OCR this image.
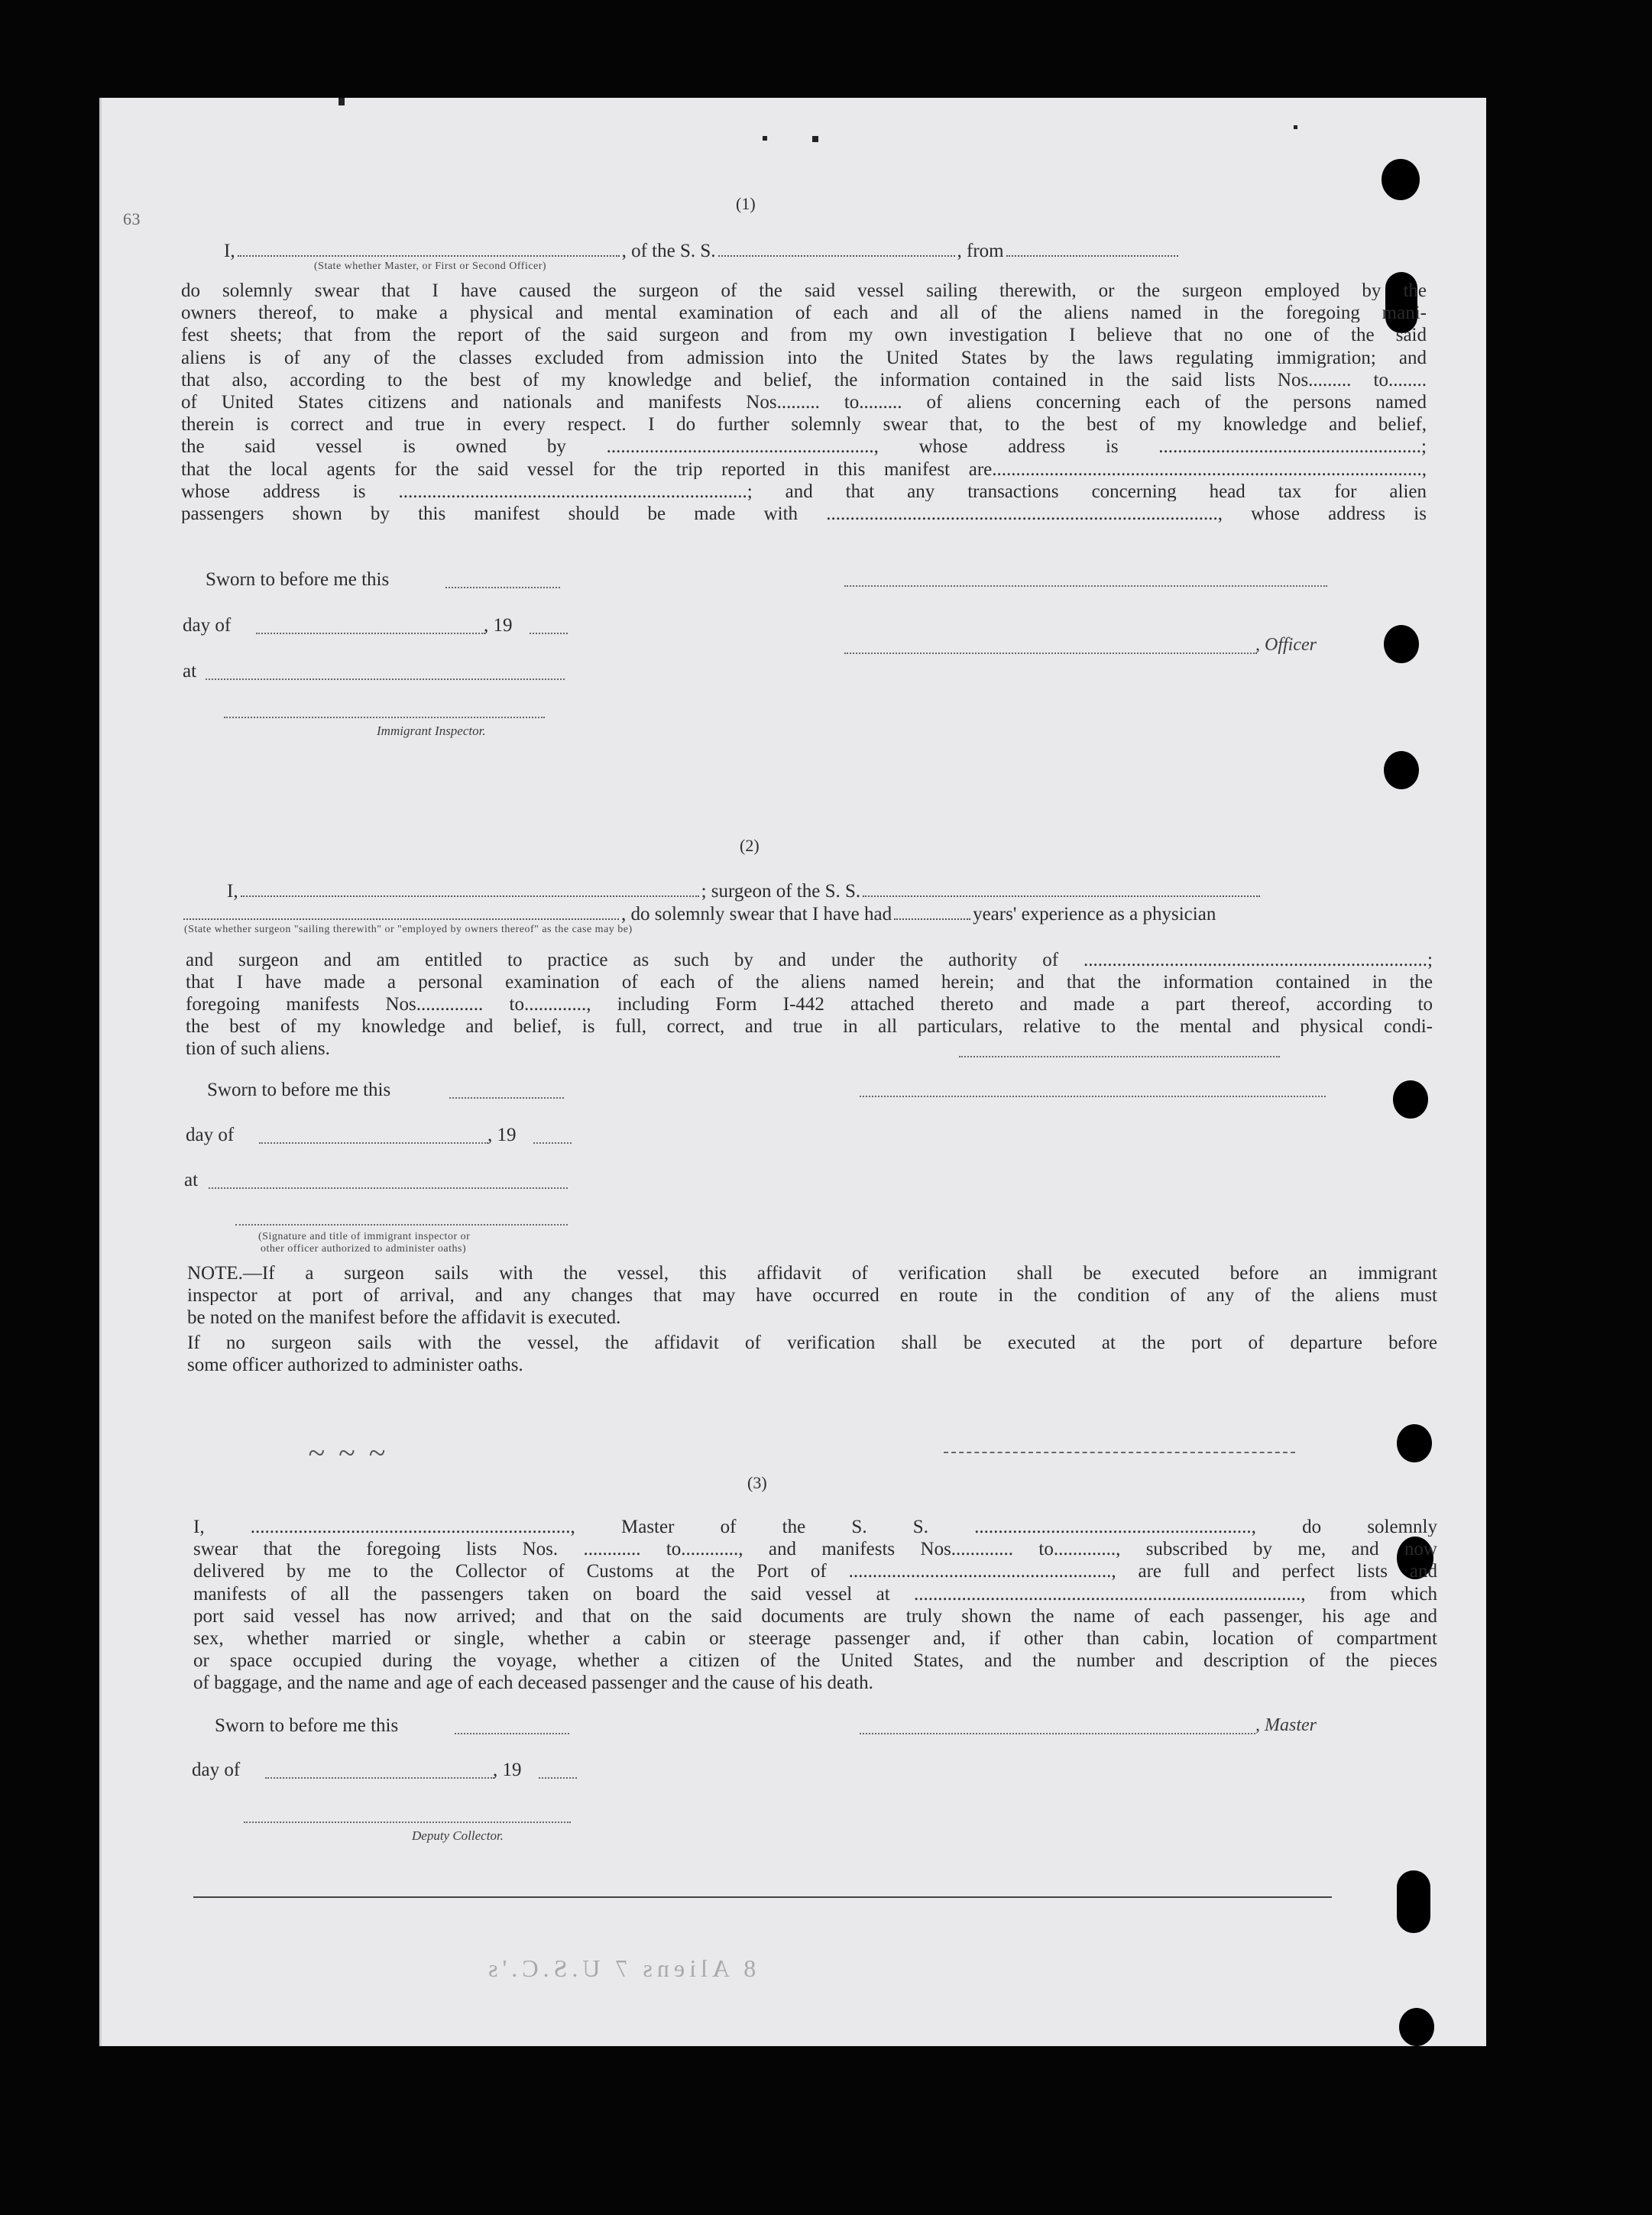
63
(1)
I,	, of the S. S.	, from
(State whether Master, or First or Second Officer)
do solemnly swear that I have caused the surgeon of the said vessel sailing therewith, or the surgeon employed by the
owners thereof, to make a physical and mental examination of each and all of the aliens named in the foregoing mani-
fest sheets; that from the report of the said surgeon and from my own investigation I believe that no one of the said
aliens is of any of the classes excluded from admission into the United States by the laws regulating immigration; and
that also, according to the best of my knowledge and belief, the information contained in the said lists Nos......... to........
of United States citizens and nationals and manifests Nos......... to......... of aliens concerning each of the persons named
therein is correct and true in every respect. I do further solemnly swear that, to the best of my knowledge and belief,
the said vessel is owned by ........................................................, whose address is .......................................................;
that the local agents for the said vessel for the trip reported in this manifest are..........................................................................................,
whose address is .........................................................................; and that any transactions concerning head tax for alien
passengers shown by this manifest should be made with .................................................................................., whose address is
Sworn to before me this
day of	, 19
at
Immigrant Inspector.
, Officer
(2)
I,	; surgeon of the S. S.
, do solemnly swear that I have had	years' experience as a physician
(State whether surgeon "sailing therewith" or "employed by owners thereof" as the case may be)
and surgeon and am entitled to practice as such by and under the authority of ........................................................................;
that I have made a personal examination of each of the aliens named herein; and that the information contained in the
foregoing manifests Nos.............. to............., including Form I-442 attached thereto and made a part thereof, according to
the best of my knowledge and belief, is full, correct, and true in all particulars, relative to the mental and physical condi-
tion of such aliens.
Sworn to before me this
day of	, 19
at
(Signature and title of immigrant inspector or
other officer authorized to administer oaths)
NOTE.—If a surgeon sails with the vessel, this affidavit of verification shall be executed before an immigrant
inspector at port of arrival, and any changes that may have occurred en route in the condition of any of the aliens must
If no surgeon sails with the vessel, the affidavit of verification shall be executed at the port of departure before
be noted on the manifest before the affidavit is executed.
some officer authorized to administer oaths.
~ ~ ~
(3)
I, ..................................................................., Master of the S. S. .........................................................., do solemnly
swear that the foregoing lists Nos. ............ to............, and manifests Nos............. to............., subscribed by me, and now
delivered by me to the Collector of Customs at the Port of ......................................................., are full and perfect lists and
manifests of all the passengers taken on board the said vessel at ................................................................................., from which
port said vessel has now arrived; and that on the said documents are truly shown the name of each passenger, his age and
sex, whether married or single, whether a cabin or steerage passenger and, if other than cabin, location of compartment
or space occupied during the voyage, whether a citizen of the United States, and the number and description of the pieces
of baggage, and the name and age of each deceased passenger and the cause of his death.
Sworn to before me this	, Master
day of	, 19
Deputy Collector.
8 Aliens 7 U.S.C.'s
